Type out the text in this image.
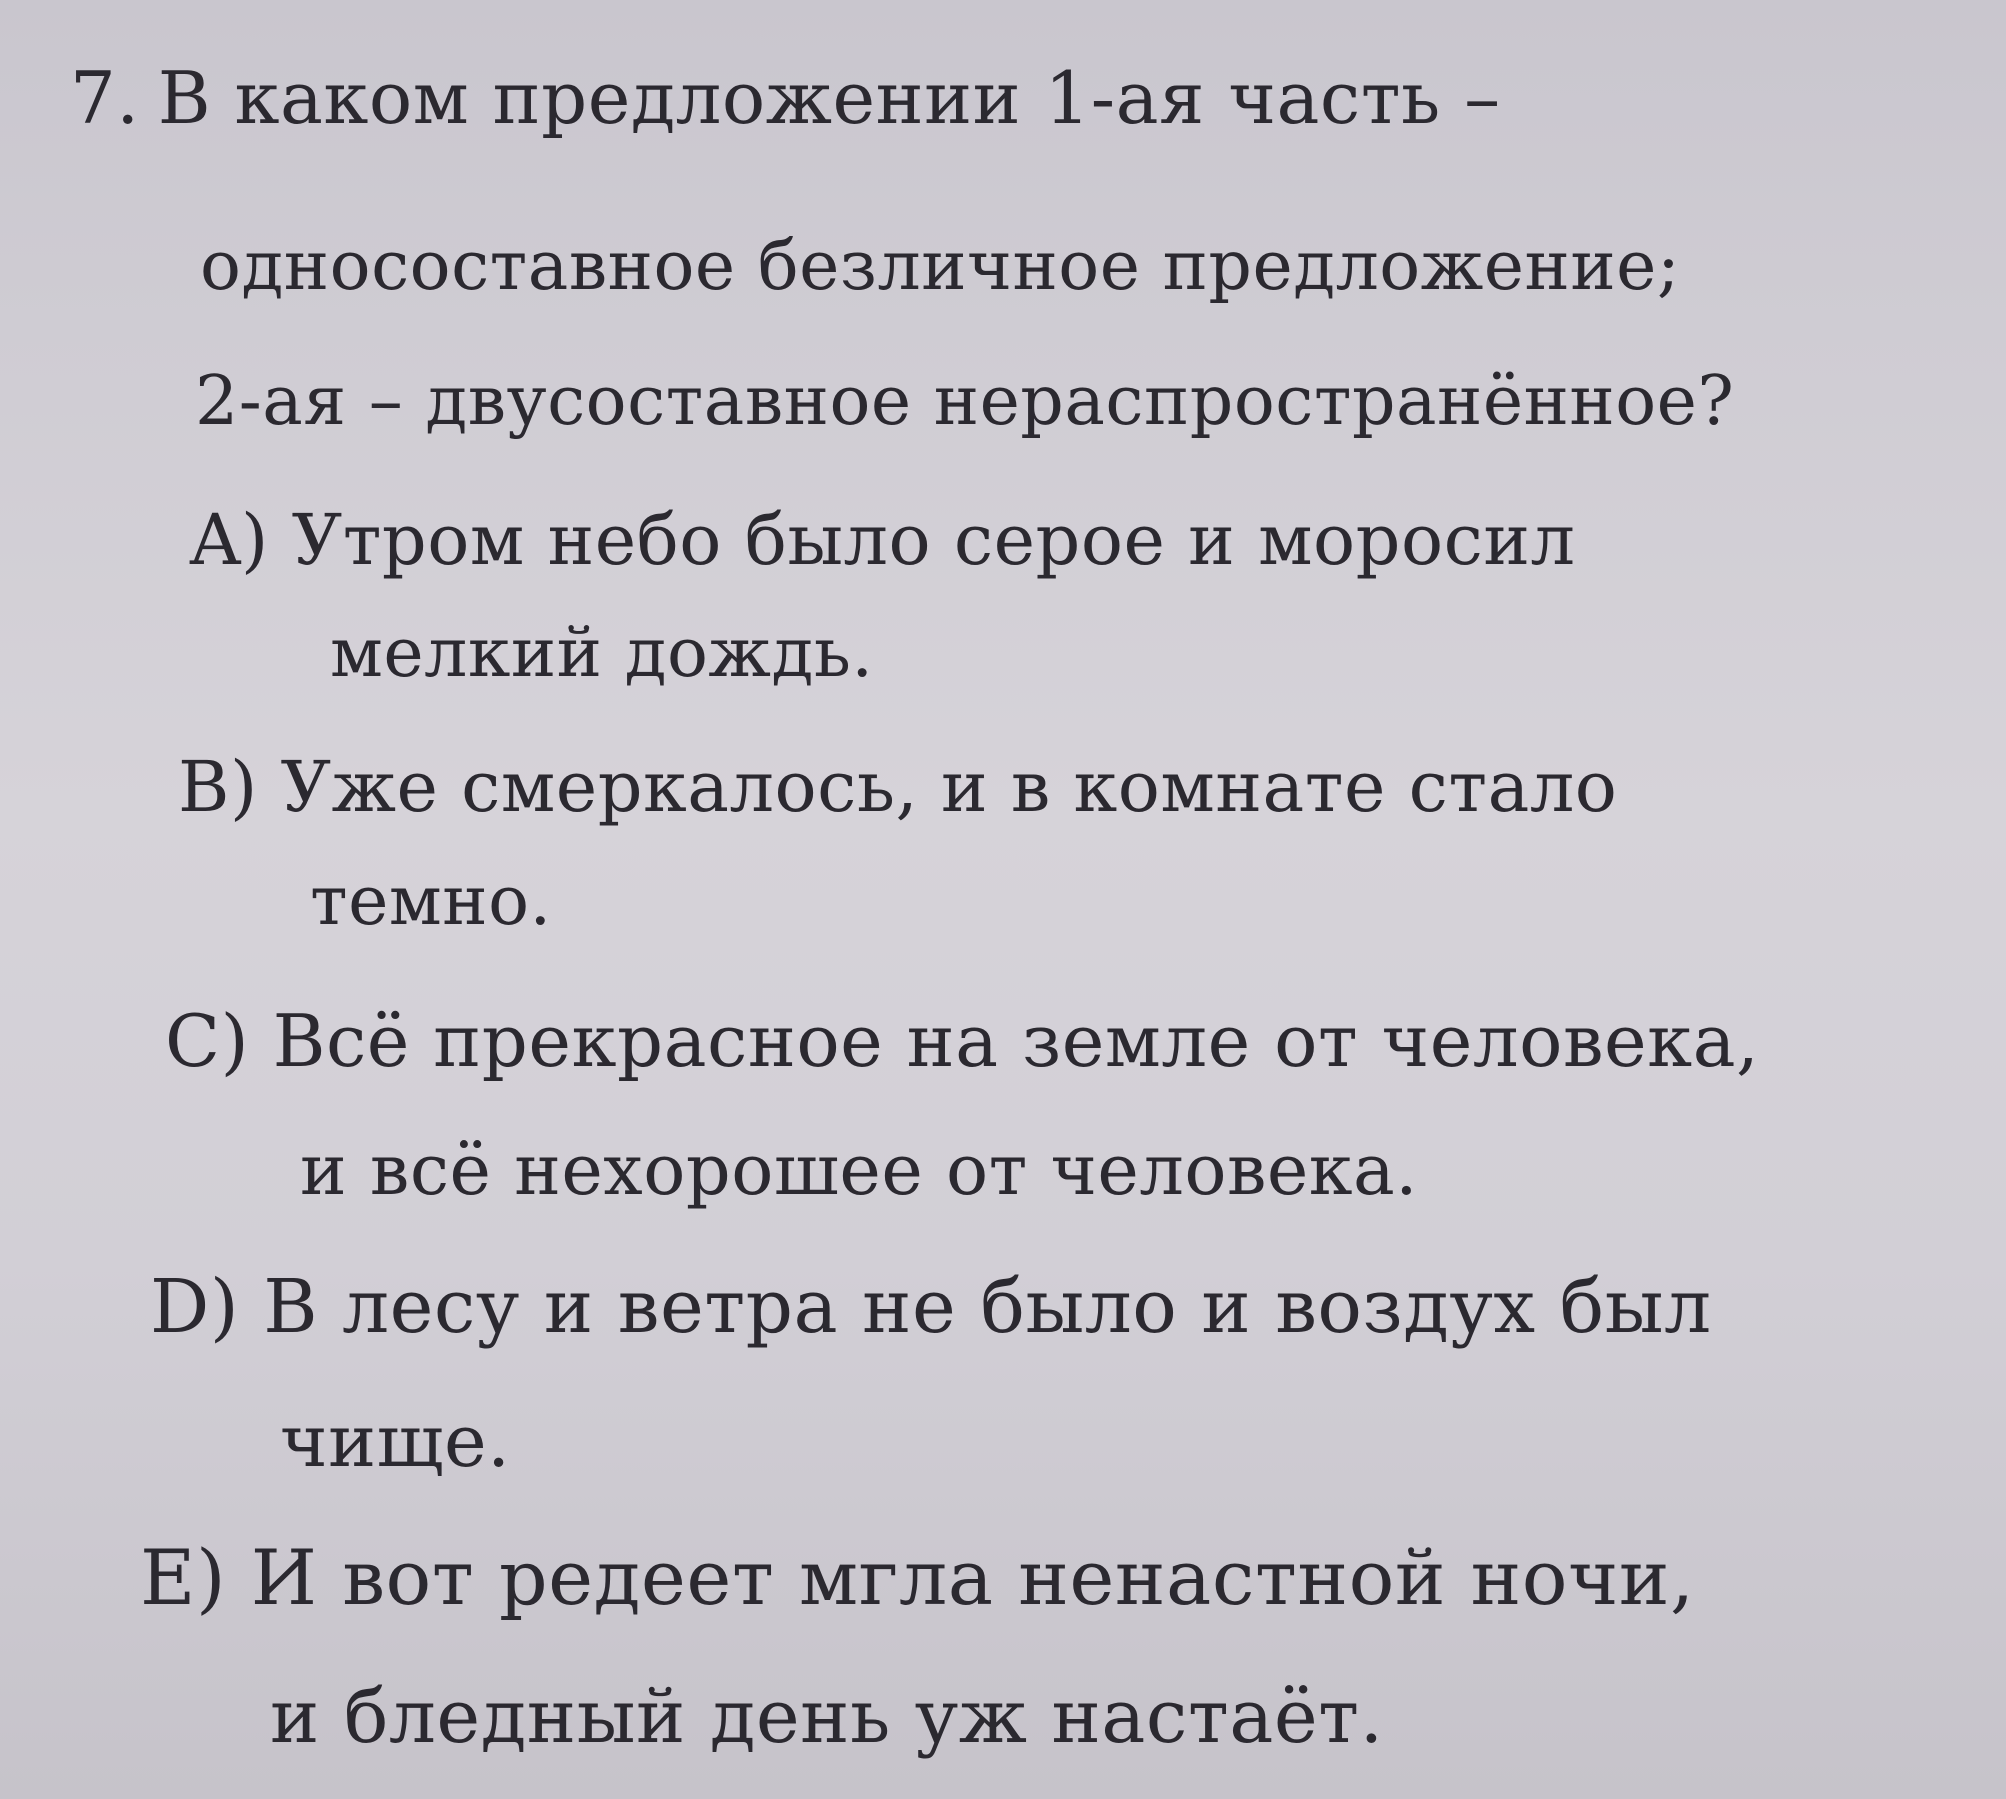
7. В каком предложении 1-ая часть –
односоставное безличное предложение;
2-ая – двусоставное нераспространённое?
A) Утром небо было серое и моросил
мелкий дождь.
B) Уже смеркалось, и в комнате стало
темно.
C) Всё прекрасное на земле от человека,
и всё нехорошее от человека.
D) В лесу и ветра не было и воздух был
чище.
E) И вот редеет мгла ненастной ночи,
и бледный день уж настаёт.
